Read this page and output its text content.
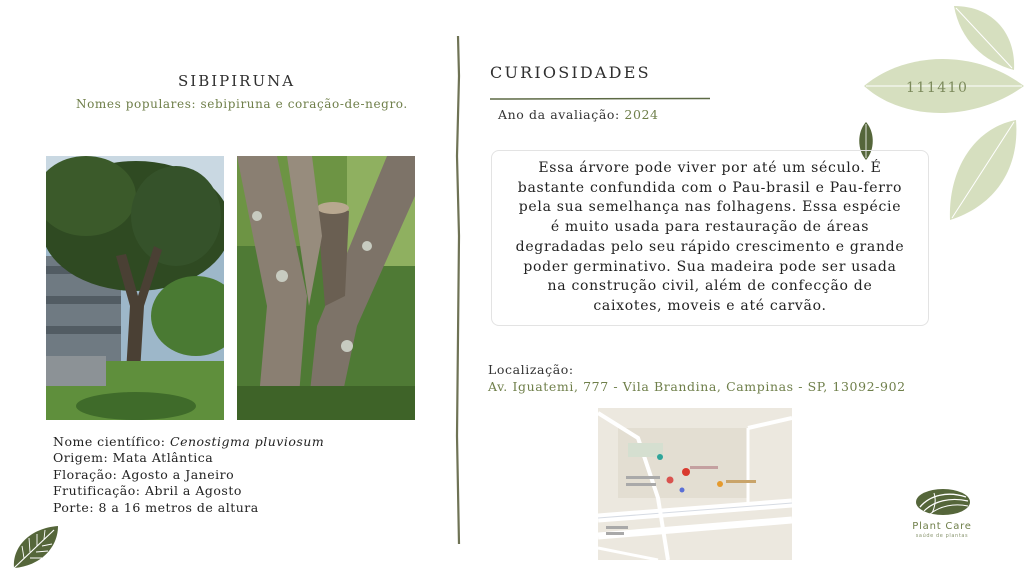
SIBIPIRUNA
Nomes populares: sebipiruna e coração-de-negro.
Nome científico: Cenostigma pluviosum
Origem: Mata Atlântica
Floração: Agosto a Janeiro
Frutificação: Abril a Agosto
Porte: 8 a 16 metros de altura
CURIOSIDADES
Ano da avaliação: 2024
Essa árvore pode viver por até um século. É
bastante confundida com o Pau-brasil e Pau-ferro
pela sua semelhança nas folhagens. Essa espécie
é muito usada para restauração de áreas
degradadas pelo seu rápido crescimento e grande
poder germinativo. Sua madeira pode ser usada
na construção civil, além de confecção de
caixotes, moveis e até carvão.
Localização:
Av. Iguatemi, 777 - Vila Brandina, Campinas - SP, 13092-902
111410
Plant Care
saúde de plantas
